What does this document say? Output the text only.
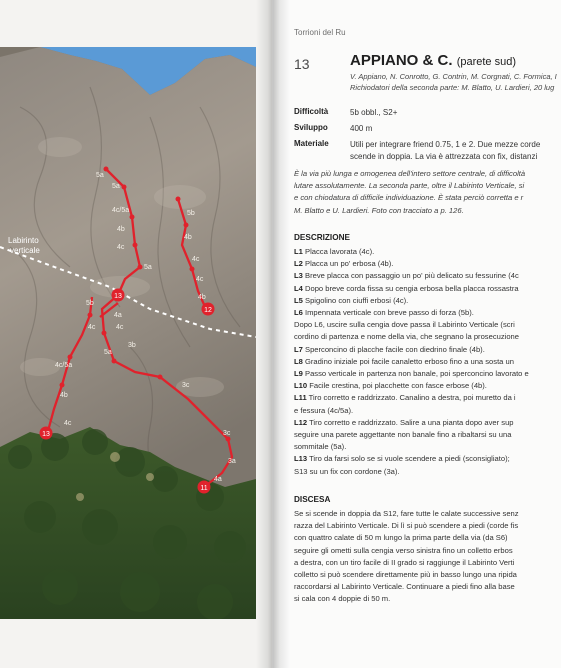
Labirinto
verticale
13
11
12
13
5a
5a
4c/5a
4b
4c
5a
5b
4c
4a
4c
5a
3b
4c/5a
4b
4c
3c
3c
3a
4a
5b
4b
4c
4c
4b
Torrioni del Ru
13	APPIANO & C. (parete sud)
V. Appiano, N. Conrotto, G. Contrin, M. Corgnati, C. Formica, I
Richiodatori della seconda parte: M. Blatto, U. Lardieri, 20 lug
Difficoltà	5b obbl., S2+
Sviluppo	400 m
Materiale	Utili per integrare friend 0.75, 1 e 2. Due mezze corde
scende in doppia. La via è attrezzata con fix, distanzi
È la via più lunga e omogenea dell'intero settore centrale, di difficoltà
lutare assolutamente. La seconda parte, oltre il Labirinto Verticale, si
e con chiodatura di difficile individuazione. È stata perciò corretta e r
M. Blatto e U. Lardieri. Foto con tracciato a p. 126.
DESCRIZIONE
L1 Placca lavorata (4c).
L2 Placca un po' erbosa (4b).
L3 Breve placca con passaggio un po' più delicato su fessurine (4c
L4 Dopo breve corda fissa su cengia erbosa bella placca rossastra
L5 Spigolino con ciuffi erbosi (4c).
L6 Impennata verticale con breve passo di forza (5b).
Dopo L6, uscire sulla cengia dove passa il Labirinto Verticale (scri
cordino di partenza e nome della via, che segnano la prosecuzione
L7 Sperconcino di placche facile con diedrino finale (4b).
L8 Gradino iniziale poi facile canaletto erboso fino a una sosta un
L9 Passo verticale in partenza non banale, poi sperconcino lavorato e
L10 Facile crestina, poi placchette con fasce erbose (4b).
L11 Tiro corretto e raddrizzato. Canalino a destra, poi muretto da i
e fessura (4c/5a).
L12 Tiro corretto e raddrizzato. Salire a una pianta dopo aver sup
seguire una parete aggettante non banale fino a ribaltarsi su una
sommitale (5a).
L13 Tiro da farsi solo se si vuole scendere a piedi (sconsigliato);
S13 su un fix con cordone (3a).
DISCESA
Se si scende in doppia da S12, fare tutte le calate successive senz
razza del Labirinto Verticale. Di lì si può scendere a piedi (corde fis
con quattro calate di 50 m lungo la prima parte della via (da S6)
seguire gli ometti sulla cengia verso sinistra fino un colletto erbos
a destra, con un tiro facile di II grado si raggiunge il Labirinto Verti
colletto si può scendere direttamente più in basso lungo una ripida
raccordarsi al Labirinto Verticale. Continuare a piedi fino alla base
si cala con 4 doppie di 50 m.
